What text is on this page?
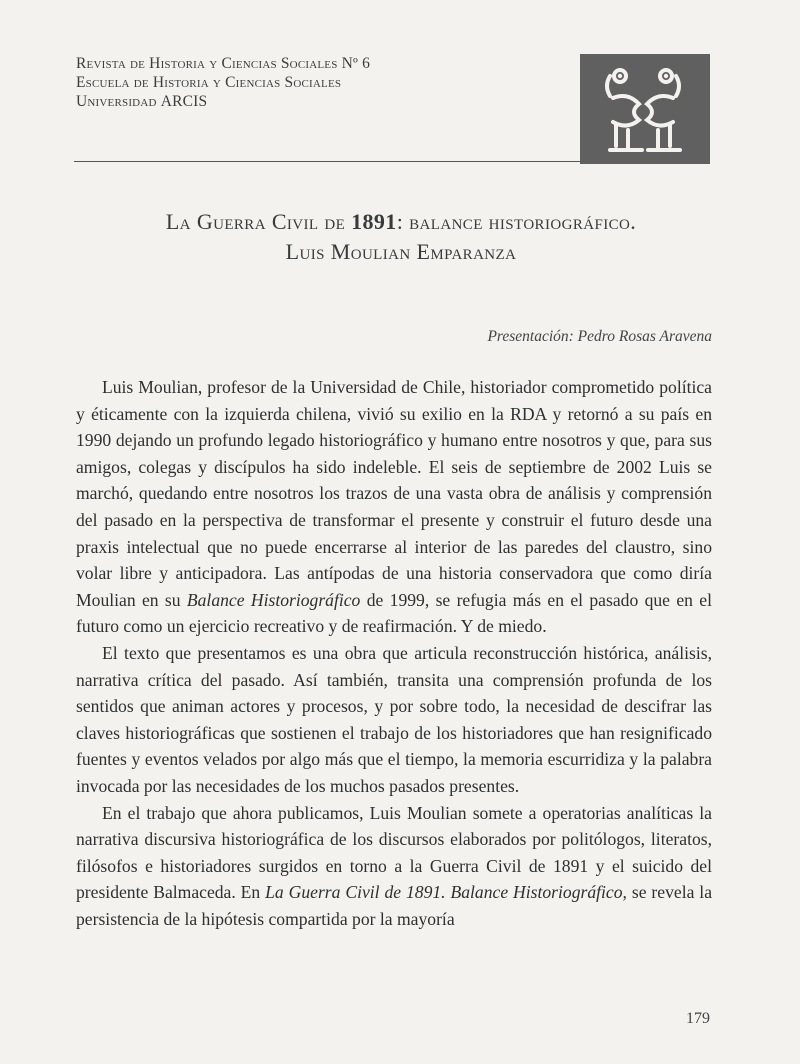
Revista de Historia y Ciencias Sociales Nº 6
Escuela de Historia y Ciencias Sociales
Universidad ARCIS
La Guerra Civil de 1891: balance historiográfico.
Luis Moulian Emparanza
Presentación: Pedro Rosas Aravena

Luis Moulian, profesor de la Universidad de Chile, historiador comprometido política y éticamente con la izquierda chilena, vivió su exilio en la RDA y retornó a su país en 1990 dejando un profundo legado historiográfico y humano entre nosotros y que, para sus amigos, colegas y discípulos ha sido indeleble. El seis de septiembre de 2002 Luis se marchó, quedando entre nosotros los trazos de una vasta obra de análisis y comprensión del pasado en la perspectiva de transformar el presente y construir el futuro desde una praxis intelectual que no puede encerrarse al interior de las paredes del claustro, sino volar libre y anticipadora. Las antípodas de una historia conservadora que como diría Moulian en su Balance Historiográfico de 1999, se refugia más en el pasado que en el futuro como un ejercicio recreativo y de reafirmación. Y de miedo.

El texto que presentamos es una obra que articula reconstrucción histórica, análisis, narrativa crítica del pasado. Así también, transita una comprensión profunda de los sentidos que animan actores y procesos, y por sobre todo, la necesidad de descifrar las claves historiográficas que sostienen el trabajo de los historiadores que han resignificado fuentes y eventos velados por algo más que el tiempo, la memoria escurridiza y la palabra invocada por las necesidades de los muchos pasados presentes.

En el trabajo que ahora publicamos, Luis Moulian somete a operatorias analíticas la narrativa discursiva historiográfica de los discursos elaborados por politólogos, literatos, filósofos e historiadores surgidos en torno a la Guerra Civil de 1891 y el suicido del presidente Balmaceda. En La Guerra Civil de 1891. Balance Historiográfico, se revela la persistencia de la hipótesis compartida por la mayoría

179
